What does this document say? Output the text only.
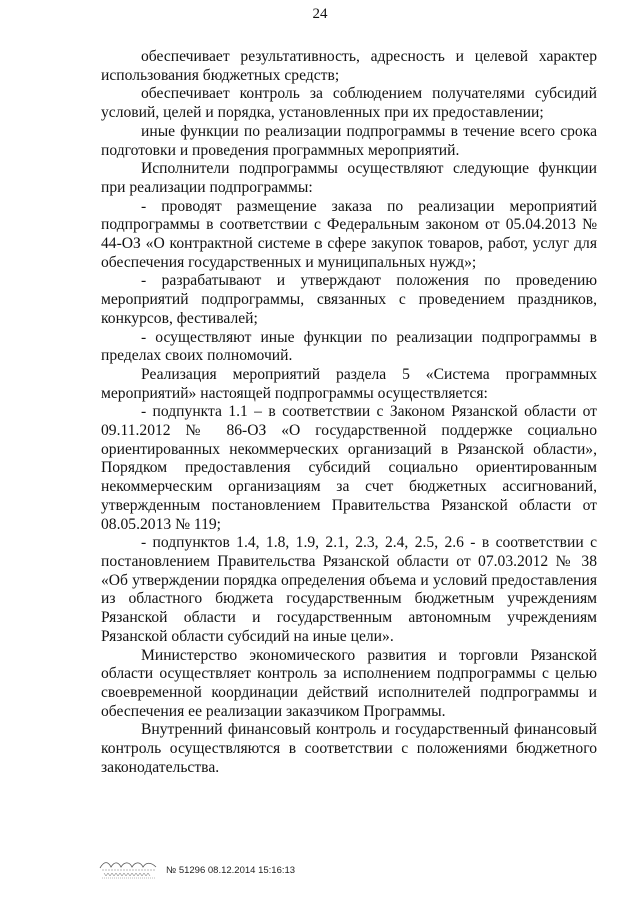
24

обеспечивает результативность, адресность и целевой характер использования бюджетных средств;

обеспечивает контроль за соблюдением получателями субсидий условий, целей и порядка, установленных при их предоставлении;

иные функции по реализации подпрограммы в течение всего срока подготовки и проведения программных мероприятий.

Исполнители подпрограммы осуществляют следующие функции при реализации подпрограммы:

- проводят размещение заказа по реализации мероприятий подпрограммы в соответствии с Федеральным законом от 05.04.2013 № 44-ОЗ «О контрактной системе в сфере закупок товаров, работ, услуг для обеспечения государственных и муниципальных нужд»;

- разрабатывают и утверждают положения по проведению мероприятий подпрограммы, связанных с проведением праздников, конкурсов, фестивалей;

- осуществляют иные функции по реализации подпрограммы в пределах своих полномочий.

Реализация мероприятий раздела 5 «Система программных мероприятий» настоящей подпрограммы осуществляется:

- подпункта 1.1 – в соответствии с Законом Рязанской области от 09.11.2012 № 86-ОЗ «О государственной поддержке социально ориентированных некоммерческих организаций в Рязанской области», Порядком предоставления субсидий социально ориентированным некоммерческим организациям за счет бюджетных ассигнований, утвержденным постановлением Правительства Рязанской области от 08.05.2013 № 119;

- подпунктов 1.4, 1.8, 1.9, 2.1, 2.3, 2.4, 2.5, 2.6 - в соответствии с постановлением Правительства Рязанской области от 07.03.2012 № 38 «Об утверждении порядка определения объема и условий предоставления из областного бюджета государственным бюджетным учреждениям Рязанской области и государственным автономным учреждениям Рязанской области субсидий на иные цели».

Министерство экономического развития и торговли Рязанской области осуществляет контроль за исполнением подпрограммы с целью своевременной координации действий исполнителей подпрограммы и обеспечения ее реализации заказчиком Программы.

Внутренний финансовый контроль и государственный финансовый контроль осуществляются в соответствии с положениями бюджетного законодательства.

№ 51296 08.12.2014 15:16:13
